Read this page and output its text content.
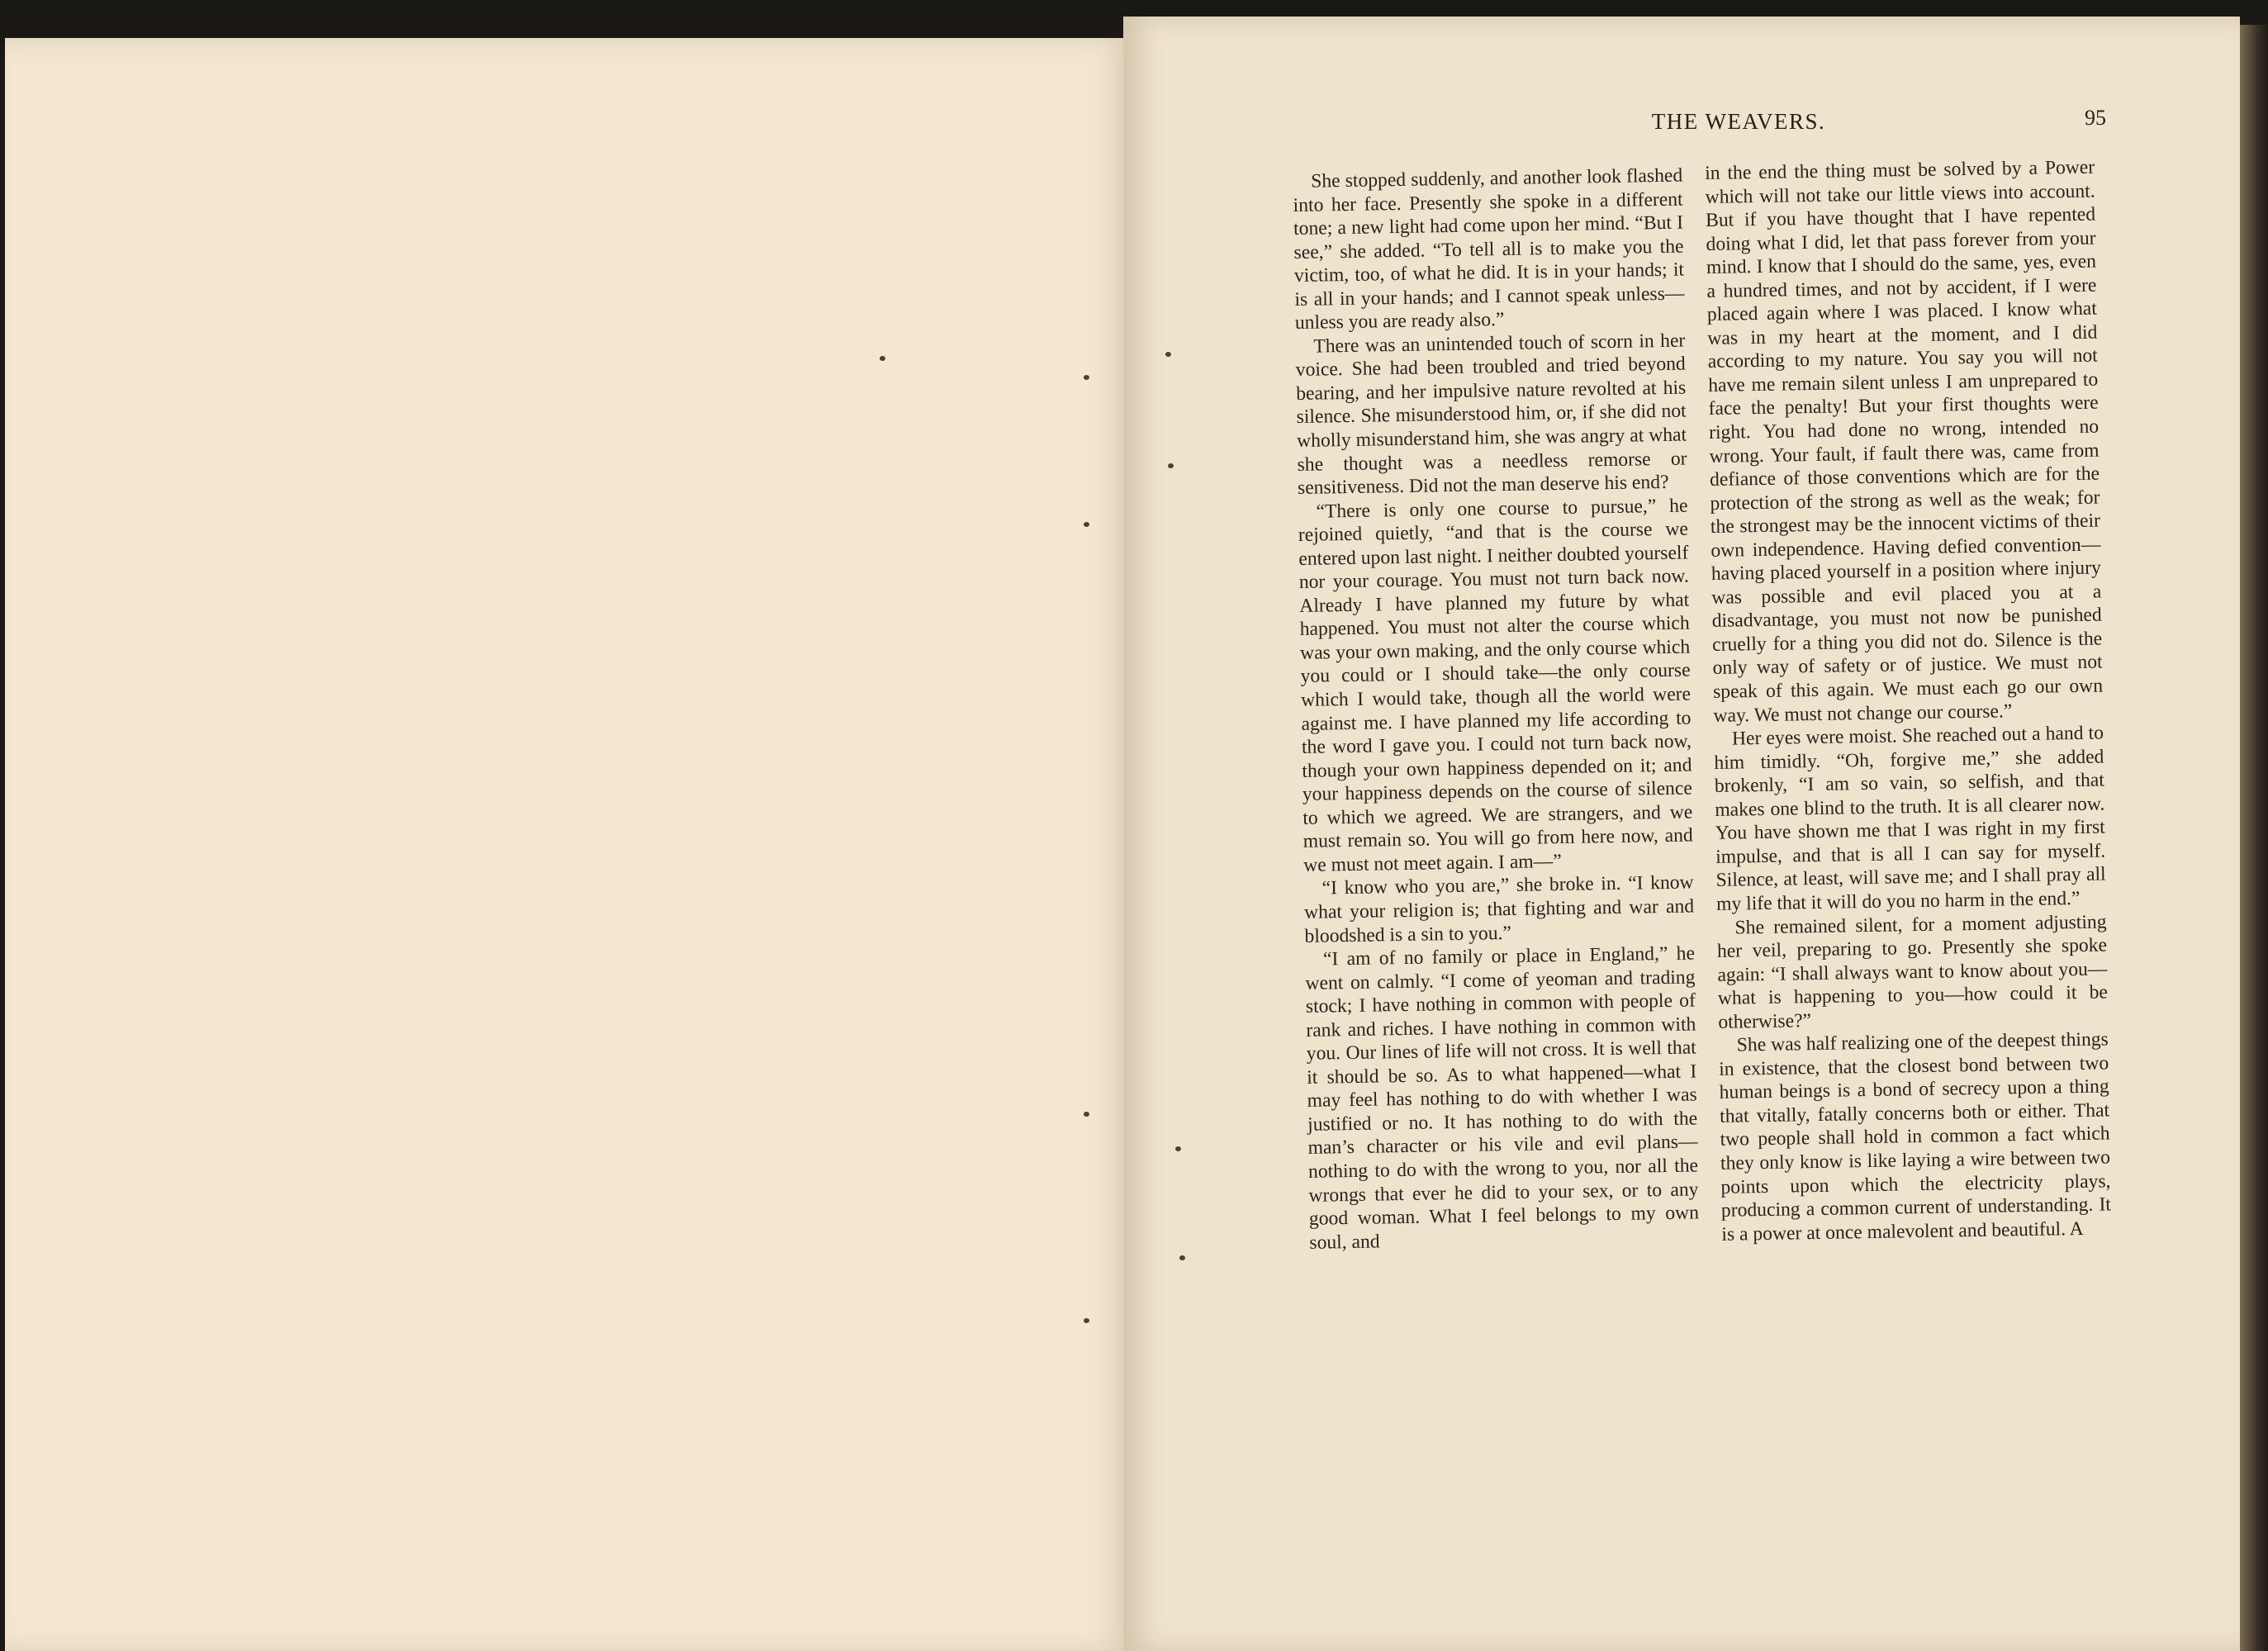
THE WEAVERS.	95

She stopped suddenly, and another look flashed into her face. Presently she spoke in a different tone; a new light had come upon her mind. “But I see,” she added. “To tell all is to make you the victim, too, of what he did. It is in your hands; it is all in your hands; and I cannot speak unless—unless you are ready also.”

There was an unintended touch of scorn in her voice. She had been troubled and tried beyond bearing, and her impulsive nature revolted at his silence. She misunderstood him, or, if she did not wholly misunderstand him, she was angry at what she thought was a needless remorse or sensitiveness. Did not the man deserve his end?

“There is only one course to pursue,” he rejoined quietly, “and that is the course we entered upon last night. I neither doubted yourself nor your courage. You must not turn back now. Already I have planned my future by what happened. You must not alter the course which was your own making, and the only course which you could or I should take—the only course which I would take, though all the world were against me. I have planned my life according to the word I gave you. I could not turn back now, though your own happiness depended on it; and your happiness depends on the course of silence to which we agreed. We are strangers, and we must remain so. You will go from here now, and we must not meet again. I am—”

“I know who you are,” she broke in. “I know what your religion is; that fighting and war and bloodshed is a sin to you.”

“I am of no family or place in England,” he went on calmly. “I come of yeoman and trading stock; I have nothing in common with people of rank and riches. I have nothing in common with you. Our lines of life will not cross. It is well that it should be so. As to what happened—what I may feel has nothing to do with whether I was justified or no. It has nothing to do with the man’s character or his vile and evil plans—nothing to do with the wrong to you, nor all the wrongs that ever he did to your sex, or to any good woman. What I feel belongs to my own soul, and

in the end the thing must be solved by a Power which will not take our little views into account. But if you have thought that I have repented doing what I did, let that pass forever from your mind. I know that I should do the same, yes, even a hundred times, and not by accident, if I were placed again where I was placed. I know what was in my heart at the moment, and I did according to my nature. You say you will not have me remain silent unless I am unprepared to face the penalty! But your first thoughts were right. You had done no wrong, intended no wrong. Your fault, if fault there was, came from defiance of those conventions which are for the protection of the strong as well as the weak; for the strongest may be the innocent victims of their own independence. Having defied convention—having placed yourself in a position where injury was possible and evil placed you at a disadvantage, you must not now be punished cruelly for a thing you did not do. Silence is the only way of safety or of justice. We must not speak of this again. We must each go our own way. We must not change our course.”

Her eyes were moist. She reached out a hand to him timidly. “Oh, forgive me,” she added brokenly, “I am so vain, so selfish, and that makes one blind to the truth. It is all clearer now. You have shown me that I was right in my first impulse, and that is all I can say for myself. Silence, at least, will save me; and I shall pray all my life that it will do you no harm in the end.”

She remained silent, for a moment adjusting her veil, preparing to go. Presently she spoke again: “I shall always want to know about you—what is happening to you—how could it be otherwise?”

She was half realizing one of the deepest things in existence, that the closest bond between two human beings is a bond of secrecy upon a thing that vitally, fatally concerns both or either. That two people shall hold in common a fact which they only know is like laying a wire between two points upon which the electricity plays, producing a common current of understanding. It is a power at once malevolent and beautiful. A
